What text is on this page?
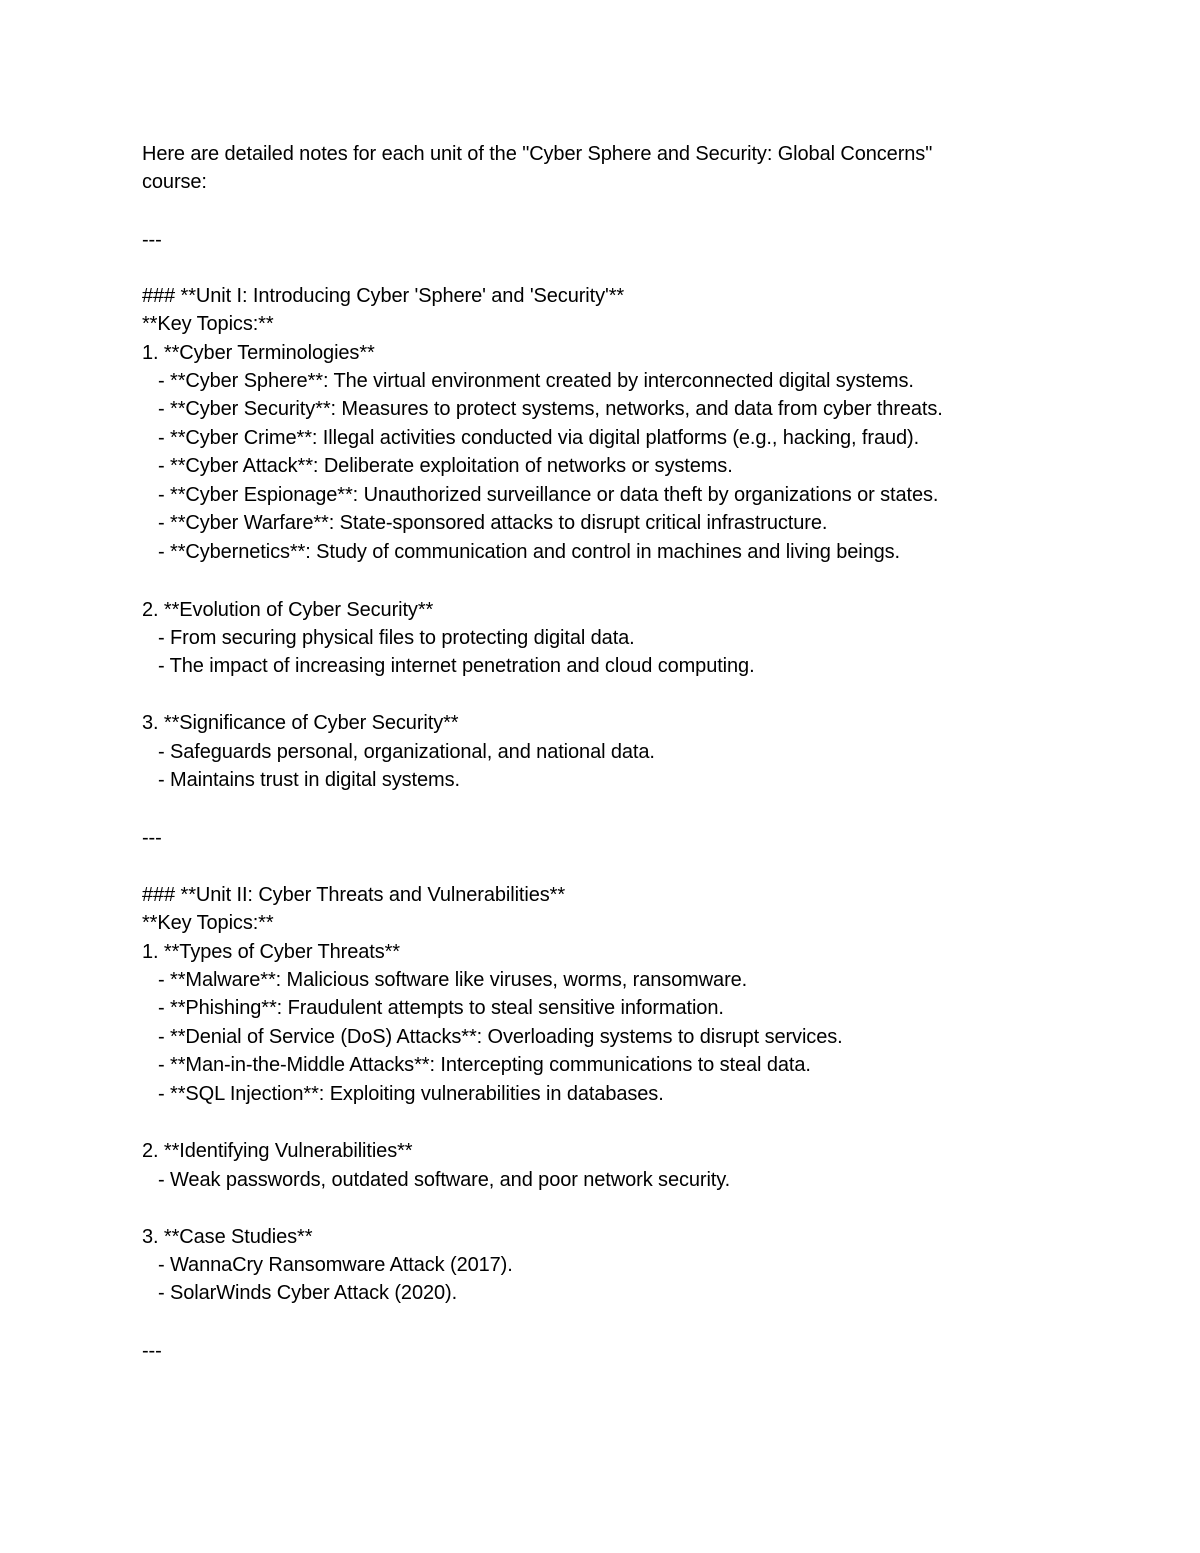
Here are detailed notes for each unit of the "Cyber Sphere and Security: Global Concerns"
course:
---
### **Unit I: Introducing Cyber 'Sphere' and 'Security'**
**Key Topics:**
1. **Cyber Terminologies**
- **Cyber Sphere**: The virtual environment created by interconnected digital systems.
- **Cyber Security**: Measures to protect systems, networks, and data from cyber threats.
- **Cyber Crime**: Illegal activities conducted via digital platforms (e.g., hacking, fraud).
- **Cyber Attack**: Deliberate exploitation of networks or systems.
- **Cyber Espionage**: Unauthorized surveillance or data theft by organizations or states.
- **Cyber Warfare**: State-sponsored attacks to disrupt critical infrastructure.
- **Cybernetics**: Study of communication and control in machines and living beings.
2. **Evolution of Cyber Security**
- From securing physical files to protecting digital data.
- The impact of increasing internet penetration and cloud computing.
3. **Significance of Cyber Security**
- Safeguards personal, organizational, and national data.
- Maintains trust in digital systems.
---
### **Unit II: Cyber Threats and Vulnerabilities**
**Key Topics:**
1. **Types of Cyber Threats**
- **Malware**: Malicious software like viruses, worms, ransomware.
- **Phishing**: Fraudulent attempts to steal sensitive information.
- **Denial of Service (DoS) Attacks**: Overloading systems to disrupt services.
- **Man-in-the-Middle Attacks**: Intercepting communications to steal data.
- **SQL Injection**: Exploiting vulnerabilities in databases.
2. **Identifying Vulnerabilities**
- Weak passwords, outdated software, and poor network security.
3. **Case Studies**
- WannaCry Ransomware Attack (2017).
- SolarWinds Cyber Attack (2020).
---
